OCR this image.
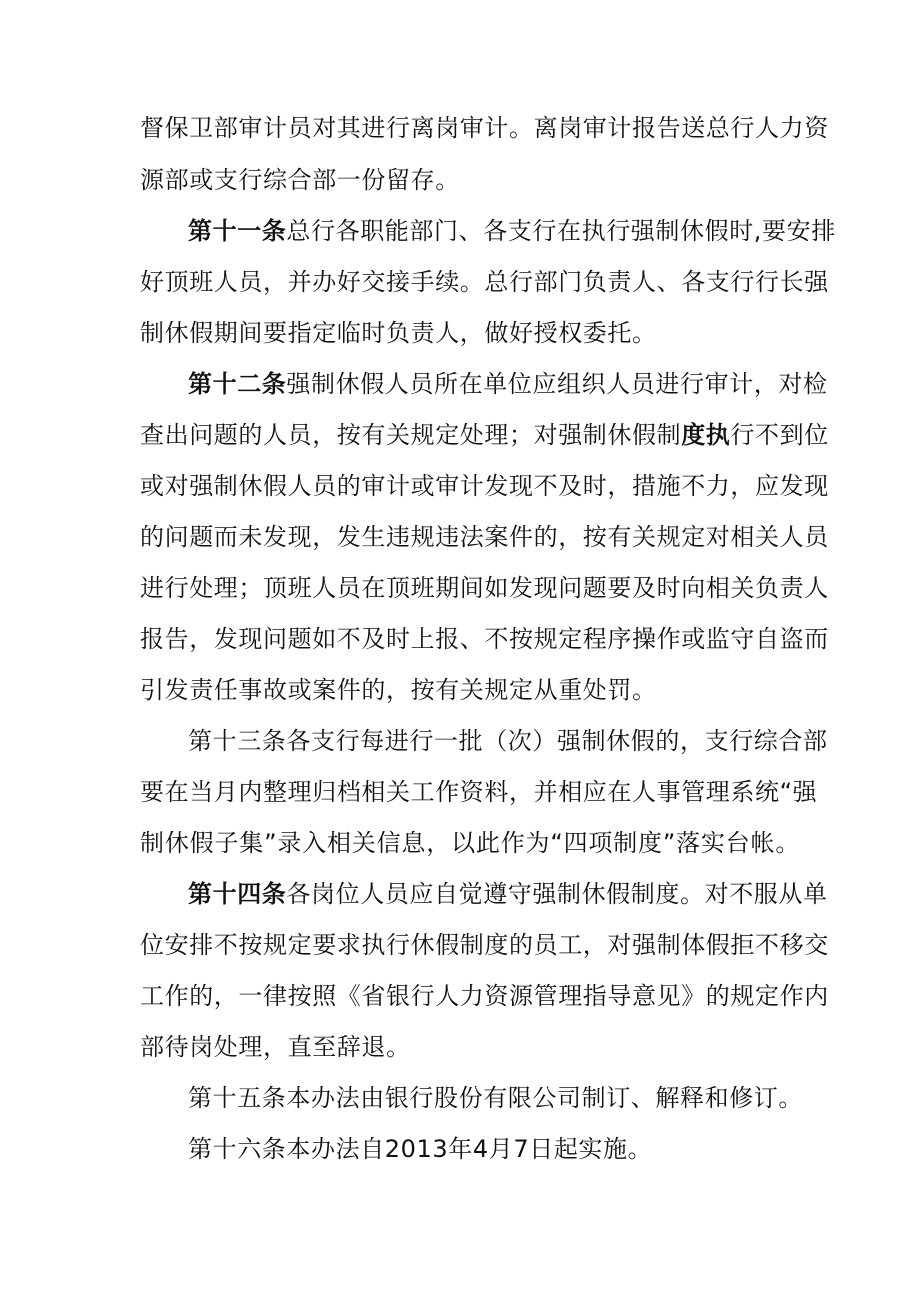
督保卫部审计员对其进行离岗审计。离岗审计报告送总行人力资
源部或支行综合部一份留存。
第十一条总行各职能部门、各支行在执行强制休假时,要安排
好顶班人员，并办好交接手续。总行部门负责人、各支行行长强
制休假期间要指定临时负责人，做好授权委托。
第十二条强制休假人员所在单位应组织人员进行审计，对检
查出问题的人员，按有关规定处理；对强制休假制度执行不到位
或对强制休假人员的审计或审计发现不及时，措施不力，应发现
的问题而未发现，发生违规违法案件的，按有关规定对相关人员
进行处理；顶班人员在顶班期间如发现问题要及时向相关负责人
报告，发现问题如不及时上报、不按规定程序操作或监守自盗而
引发责任事故或案件的，按有关规定从重处罚。
第十三条各支行每进行一批（次）强制休假的，支行综合部
要在当月内整理归档相关工作资料，并相应在人事管理系统“强
制休假子集”录入相关信息，以此作为“四项制度”落实台帐。
第十四条各岗位人员应自觉遵守强制休假制度。对不服从单
位安排不按规定要求执行休假制度的员工，对强制体假拒不移交
工作的，一律按照《省银行人力资源管理指导意见》的规定作内
部待岗处理，直至辞退。
第十五条本办法由银行股份有限公司制订、解释和修订。
第十六条本办法自2013年4月7日起实施。
